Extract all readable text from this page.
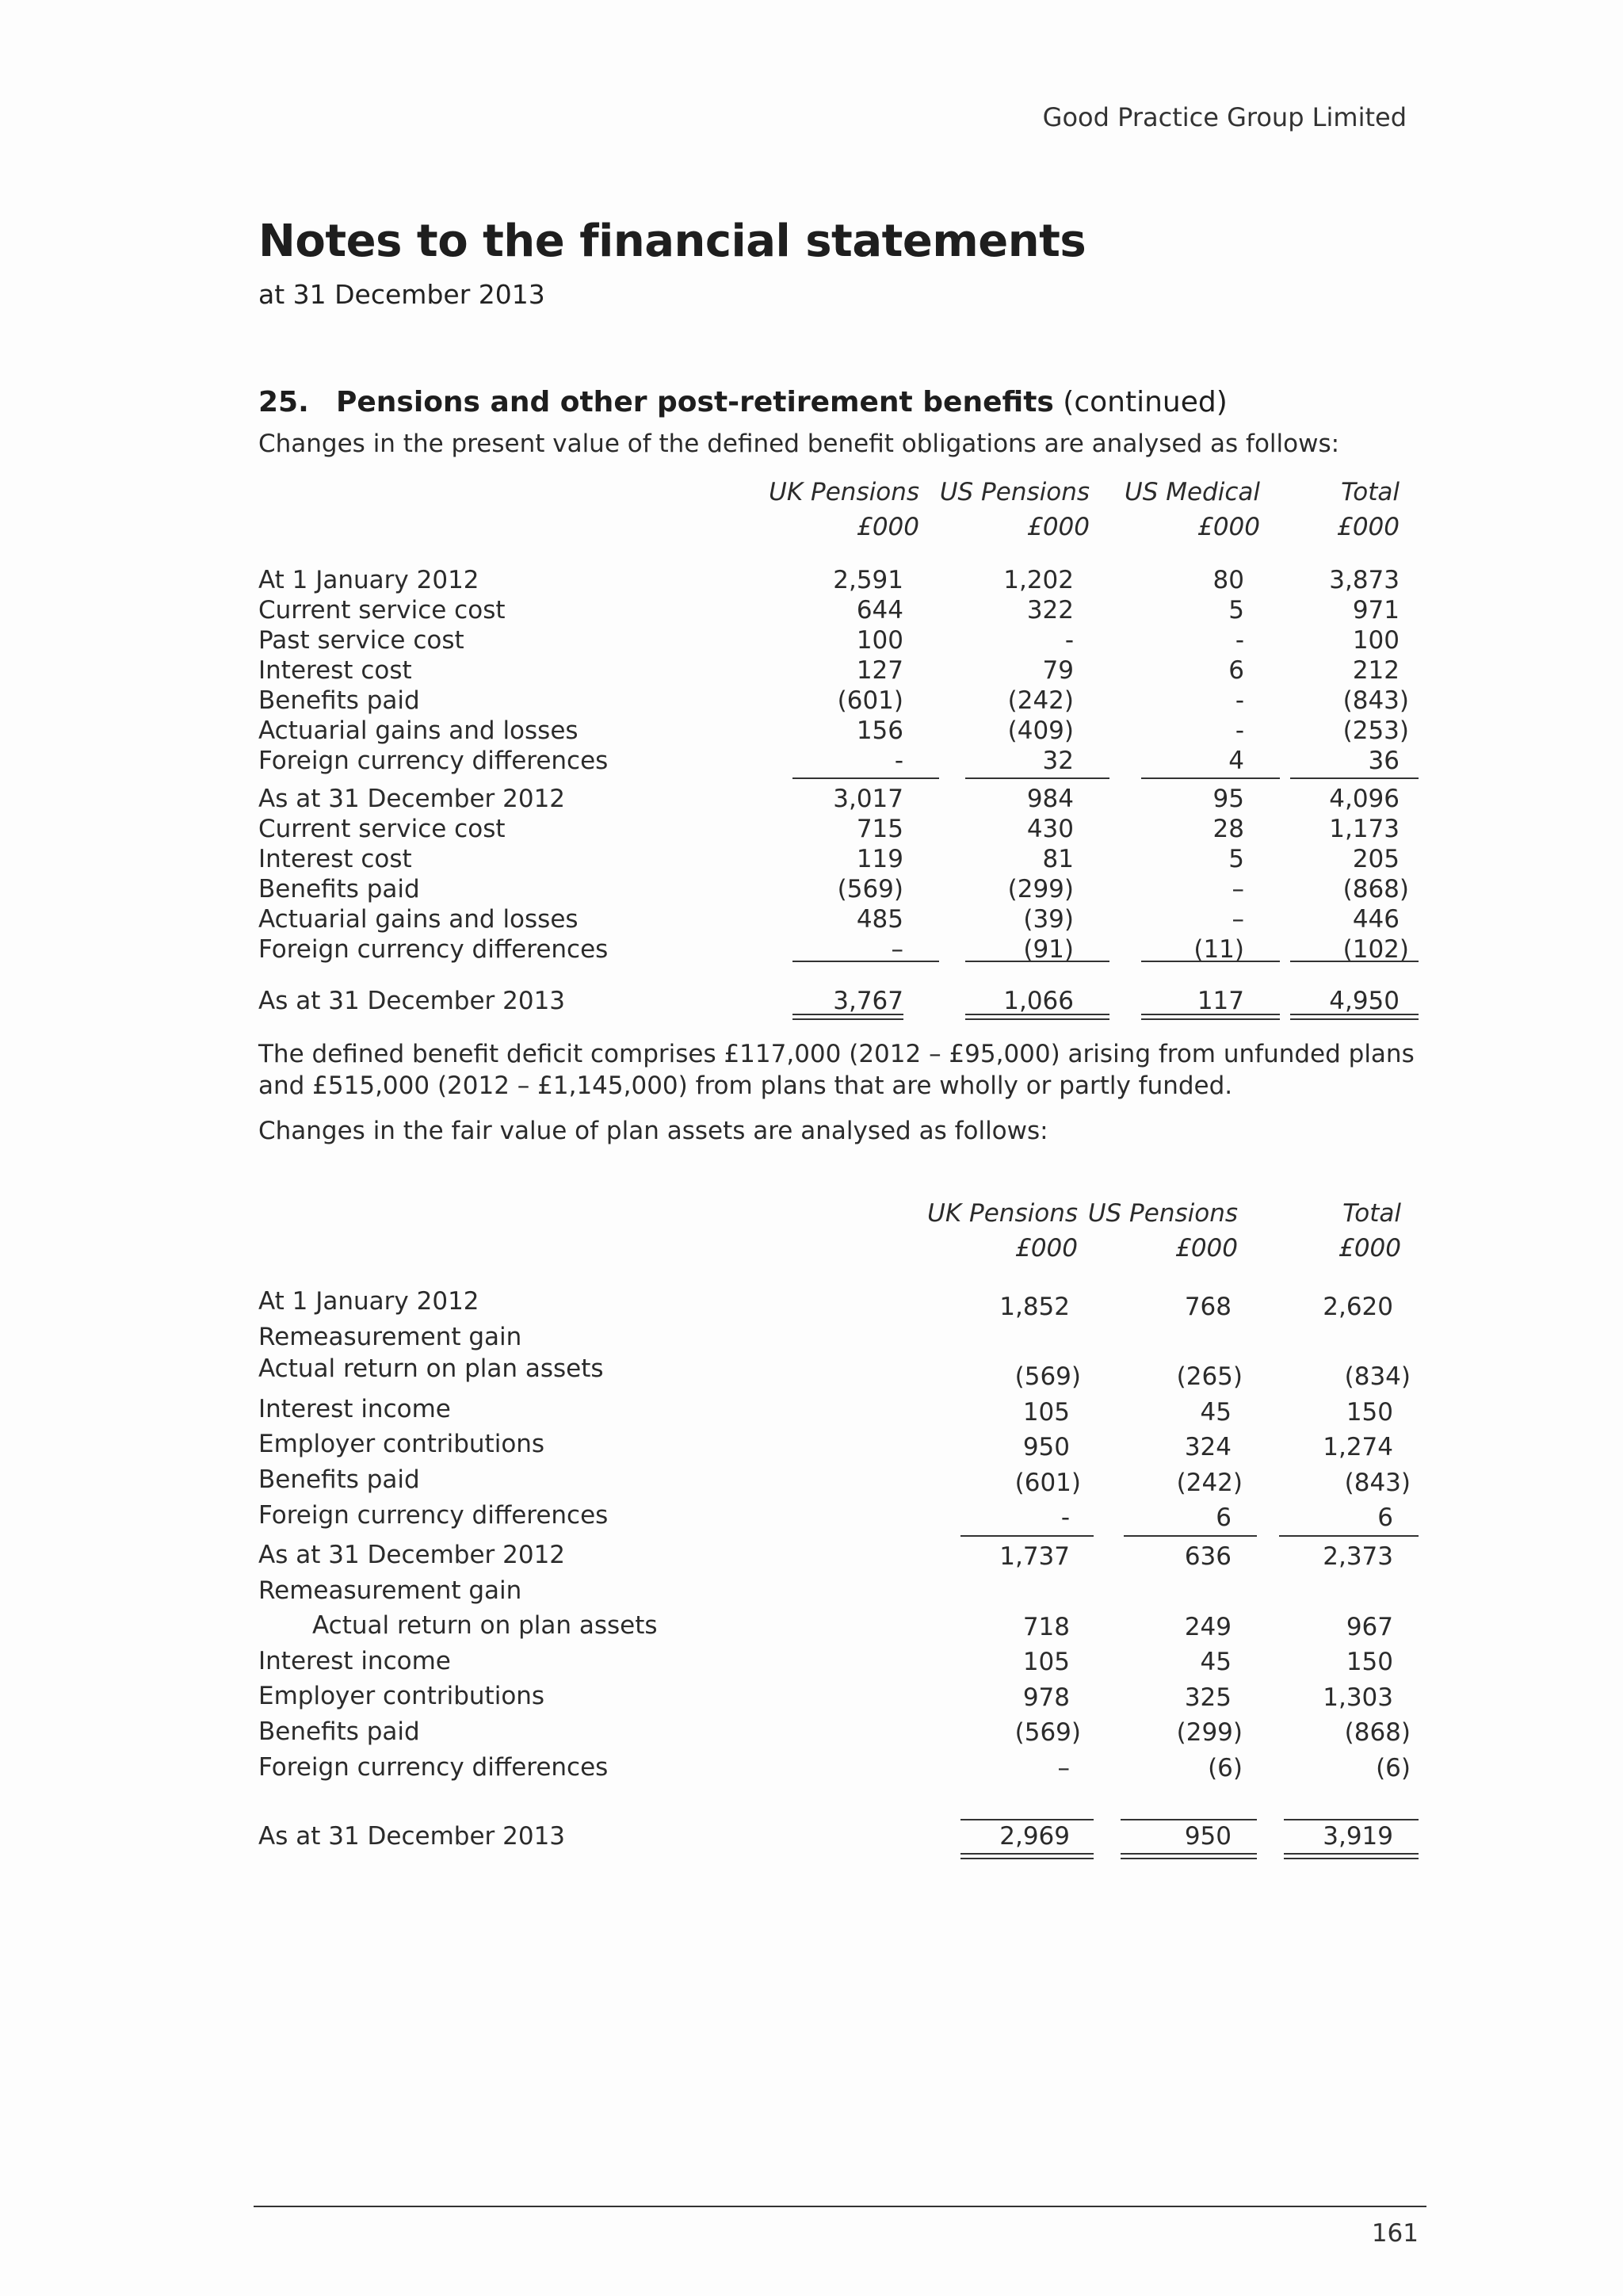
Good Practice Group Limited
Notes to the financial statements
at 31 December 2013
25. Pensions and other post-retirement benefits (continued)
Changes in the present value of the defined benefit obligations are analysed as follows:
UK Pensions US Pensions US Medical	Total
£000	£000	£000	£000
At 1 January 2012	2,591	1,202	80	3,873
Current service cost	644	322	5	971
Past service cost	100	-	-	100
Interest cost	127	79	6	212
Benefits paid	(601)	(242)	-	(843)
Actuarial gains and losses	156	(409)	-	(253)
Foreign currency differences	-	32	4	36
As at 31 December 2012	3,017	984	95	4,096
Current service cost	715	430	28	1,173
Interest cost	119	81	5	205
Benefits paid	(569)	(299)	–	(868)
Actuarial gains and losses	485	(39)	–	446
Foreign currency differences	–	(91)	(11)	(102)
As at 31 December 2013	3,767	1,066	117	4,950
The defined benefit deficit comprises £117,000 (2012 – £95,000) arising from unfunded plans and £515,000 (2012 – £1,145,000) from plans that are wholly or partly funded.
Changes in the fair value of plan assets are analysed as follows:
UK Pensions US Pensions	Total
£000	£000	£000
At 1 January 2012	1,852	768	2,620
Remeasurement gain
Actual return on plan assets	(569)	(265)	(834)
Interest income	105	45	150
Employer contributions	950	324	1,274
Benefits paid	(601)	(242)	(843)
Foreign currency differences	-	6	6
As at 31 December 2012	1,737	636	2,373
Remeasurement gain
Actual return on plan assets	718	249	967
Interest income	105	45	150
Employer contributions	978	325	1,303
Benefits paid	(569)	(299)	(868)
Foreign currency differences	–	(6)	(6)
As at 31 December 2013	2,969	950	3,919
161
